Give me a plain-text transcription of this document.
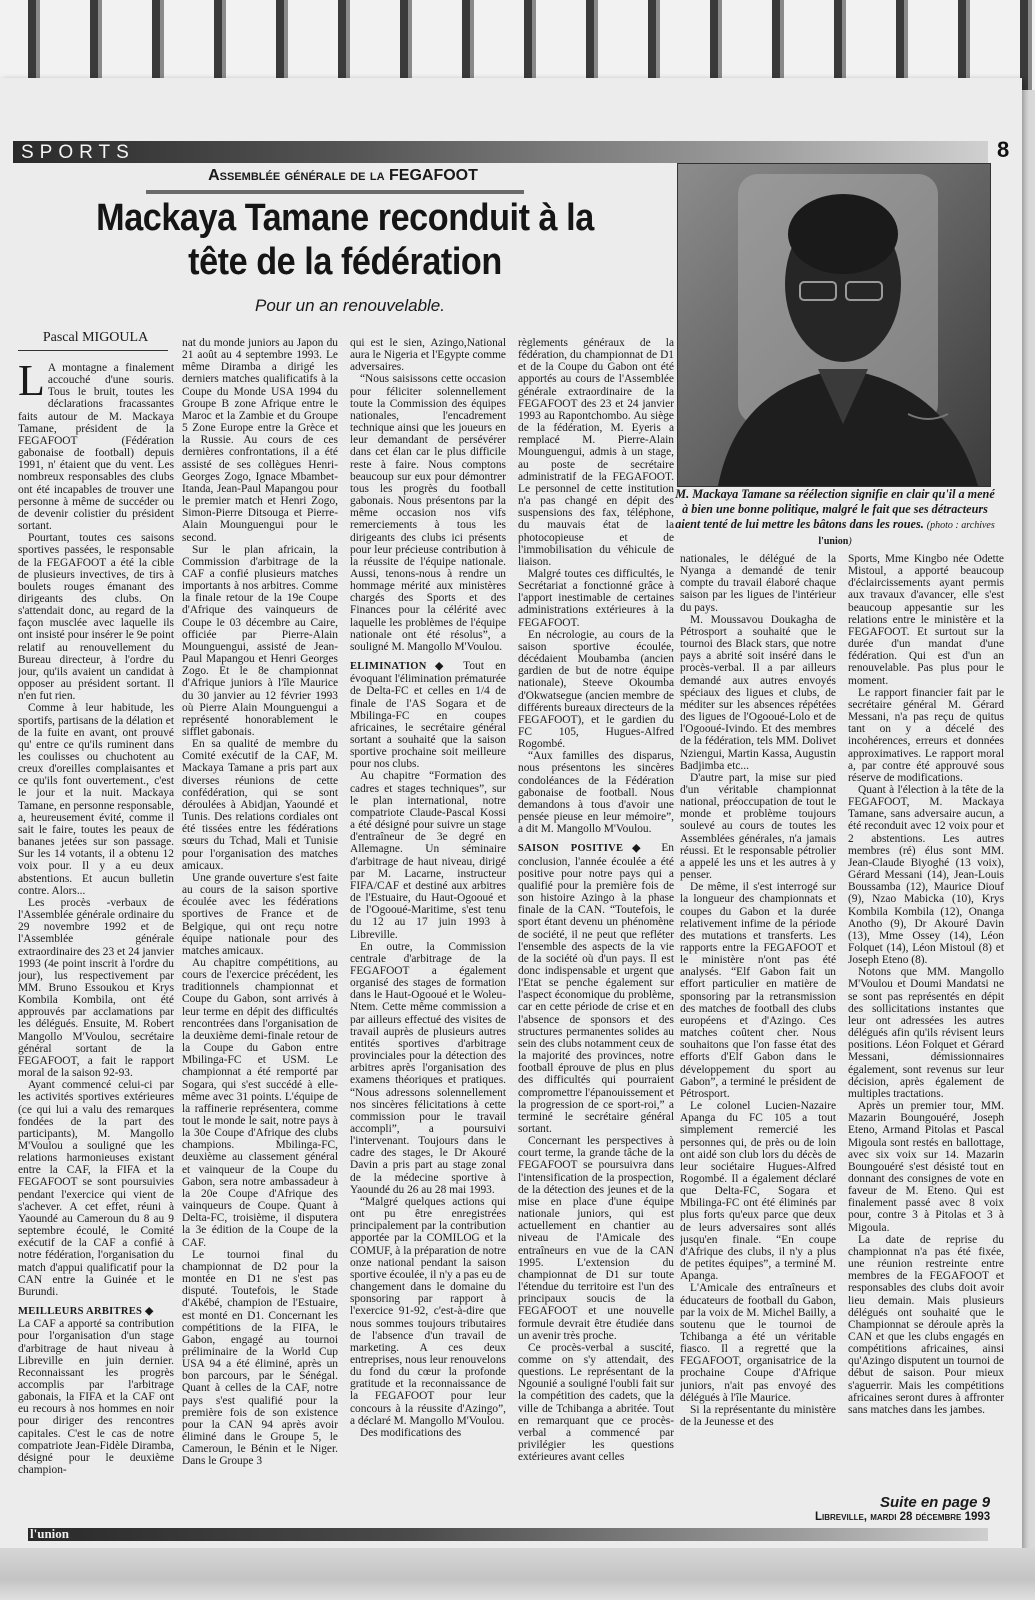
SPORTS	8
Assemblée générale de la FEGAFOOT
Mackaya Tamane reconduit à la tête de la fédération
Pour un an renouvelable.
Pascal MIGOULA

L A montagne a finalement accouché d'une souris. Tous le bruit, toutes les déclarations fracassantes faits autour de M. Mackaya Tamane, président de la FEGAFOOT (Fédération gabonaise de football) depuis 1991, n' étaient que du vent. Les nombreux responsables des clubs ont été incapables de trouver une personne à même de succéder ou de devenir colistier du président sortant.

Pourtant, toutes ces saisons sportives passées, le responsable de la FEGAFOOT a été la cible de plusieurs invectives, de tirs à boulets rouges émanant des dirigeants des clubs. On s'attendait donc, au regard de la façon musclée avec laquelle ils ont insisté pour insérer le 9e point relatif au renouvellement du Bureau directeur, à l'ordre du jour, qu'ils avaient un candidat à opposer au président sortant. Il n'en fut rien.

Comme à leur habitude, les sportifs, partisans de la délation et de la fuite en avant, ont prouvé qu' entre ce qu'ils ruminent dans les coulisses ou chuchotent au creux d'oreilles complaisantes et ce qu'ils font ouvertement., c'est le jour et la nuit. Mackaya Tamane, en personne responsable, a, heureusement évité, comme il sait le faire, toutes les peaux de bananes jetées sur son passage. Sur les 14 votants, il a obtenu 12 voix pour. Il y a eu deux abstentions. Et aucun bulletin contre. Alors...

Les procès -verbaux de l'Assemblée générale ordinaire du 29 novembre 1992 et de l'Assemblée générale extraordinaire des 23 et 24 janvier 1993 (4e point inscrit à l'ordre du jour), lus respectivement par MM. Bruno Essoukou et Krys Kombila Kombila, ont été approuvés par acclamations par les délégués. Ensuite, M. Robert Mangollo M'Voulou, secrétaire général sortant de la FEGAFOOT, a fait le rapport moral de la saison 92-93.

Ayant commencé celui-ci par les activités sportives extérieures (ce qui lui a valu des remarques fondées de la part des participants), M. Mangollo M'Voulou a souligné que les relations harmonieuses existant entre la CAF, la FIFA et la FEGAFOOT se sont poursuivies pendant l'exercice qui vient de s'achever. A cet effet, réuni à Yaoundé au Cameroun du 8 au 9 septembre écoulé, le Comité exécutif de la CAF a confié à notre fédération, l'organisation du match d'appui qualificatif pour la CAN entre la Guinée et le Burundi.

MEILLEURS ARBITRES ◆

La CAF a apporté sa contribution pour l'organisation d'un stage d'arbitrage de haut niveau à Libreville en juin dernier. Reconnaissant les progrès accomplis par l'arbitrage gabonais, la FIFA et la CAF ont eu recours à nos hommes en noir pour diriger des rencontres capitales. C'est le cas de notre compatriote Jean-Fidèle Diramba, désigné pour le deuxième champion-

nat du monde juniors au Japon du 21 août au 4 septembre 1993. Le même Diramba a dirigé les derniers matches qualificatifs à la Coupe du Monde USA 1994 du Groupe B zone Afrique entre le Maroc et la Zambie et du Groupe 5 Zone Europe entre la Grèce et la Russie. Au cours de ces dernières confrontations, il a été assisté de ses collègues Henri-Georges Zogo, Ignace Mbambet-Itanda, Jean-Paul Mapangou pour le premier match et Henri Zogo, Simon-Pierre Ditsouga et Pierre-Alain Mounguengui pour le second.

Sur le plan africain, la Commission d'arbitrage de la CAF a confié plusieurs matches importants à nos arbitres. Comme la finale retour de la 19e Coupe d'Afrique des vainqueurs de Coupe le 03 décembre au Caire, officiée par Pierre-Alain Mounguengui, assisté de Jean-Paul Mapangou et Henri Georges Zogo. Et le 8e championnat d'Afrique juniors à l'île Maurice du 30 janvier au 12 février 1993 où Pierre Alain Mounguengui a représenté honorablement le sifflet gabonais.

En sa qualité de membre du Comité exécutif de la CAF, M. Mackaya Tamane a pris part aux diverses réunions de cette confédération, qui se sont déroulées à Abidjan, Yaoundé et Tunis. Des relations cordiales ont été tissées entre les fédérations sœurs du Tchad, Mali et Tunisie pour l'organisation des matches amicaux.

Une grande ouverture s'est faite au cours de la saison sportive écoulée avec les fédérations sportives de France et de Belgique, qui ont reçu notre équipe nationale pour des matches amicaux.

Au chapitre compétitions, au cours de l'exercice précédent, les traditionnels championnat et Coupe du Gabon, sont arrivés à leur terme en dépit des difficultés rencontrées dans l'organisation de la deuxième demi-finale retour de la Coupe du Gabon entre Mbilinga-FC et USM. Le championnat a été remporté par Sogara, qui s'est succédé à elle-même avec 31 points. L'équipe de la raffinerie représentera, comme tout le monde le sait, notre pays à la 30e Coupe d'Afrique des clubs champions. Mbilinga-FC, deuxième au classement général et vainqueur de la Coupe du Gabon, sera notre ambassadeur à la 20e Coupe d'Afrique des vainqueurs de Coupe. Quant à Delta-FC, troisième, il disputera la 3e édition de la Coupe de la CAF.

Le tournoi final du championnat de D2 pour la montée en D1 ne s'est pas disputé. Toutefois, le Stade d'Akébé, champion de l'Estuaire, est monté en D1. Concernant les compétitions de la FIFA, le Gabon, engagé au tournoi préliminaire de la World Cup USA 94 a été éliminé, après un bon parcours, par le Sénégal. Quant à celles de la CAF, notre pays s'est qualifié pour la première fois de son existence pour la CAN 94 après avoir éliminé dans le Groupe 5, le Cameroun, le Bénin et le Niger. Dans le Groupe 3

qui est le sien, Azingo,National aura le Nigeria et l'Egypte comme adversaires.

“Nous saisissons cette occasion pour féliciter solennellement toute la Commission des équipes nationales, l'encadrement technique ainsi que les joueurs en leur demandant de persévérer dans cet élan car le plus difficile reste à faire. Nous comptons beaucoup sur eux pour démontrer tous les progrès du football gabonais. Nous présentons par la même occasion nos vifs remerciements à tous les dirigeants des clubs ici présents pour leur précieuse contribution à la réussite de l'équipe nationale. Aussi, tenons-nous à rendre un hommage mérité aux ministères chargés des Sports et des Finances pour la célérité avec laquelle les problèmes de l'équipe nationale ont été résolus”, a souligné M. Mangollo M'Voulou.

ELIMINATION◆ Tout en évoquant l'élimination prématurée de Delta-FC et celles en 1/4 de finale de l'AS Sogara et de Mbilinga-FC en coupes africaines, le secrétaire général sortant a souhaité que la saison sportive prochaine soit meilleure pour nos clubs.

Au chapitre “Formation des cadres et stages techniques”, sur le plan international, notre compatriote Claude-Pascal Kossi a été désigné pour suivre un stage d'entraîneur de 3e degré en Allemagne. Un séminaire d'arbitrage de haut niveau, dirigé par M. Lacarne, instructeur FIFA/CAF et destiné aux arbitres de l'Estuaire, du Haut-Ogooué et de l'Ogooué-Maritime, s'est tenu du 12 au 17 juin 1993 à Libreville.

En outre, la Commission centrale d'arbitrage de la FEGAFOOT a également organisé des stages de formation dans le Haut-Ogooué et le Woleu-Ntem. Cette même commission a par ailleurs effectué des visites de travail auprès de plusieurs autres entités sportives d'arbitrage provinciales pour la détection des arbitres après l'organisation des examens théoriques et pratiques. “Nous adressons solennellement nos sincères félicitations à cette commission pour le travail accompli”, a poursuivi l'intervenant. Toujours dans le cadre des stages, le Dr Akouré Davin a pris part au stage zonal de la médecine sportive à Yaoundé du 26 au 28 mai 1993.

“Malgré quelques actions qui ont pu être enregistrées principalement par la contribution apportée par la COMILOG et la COMUF, à la préparation de notre onze national pendant la saison sportive écoulée, il n'y a pas eu de changement dans le domaine du sponsoring par rapport à l'exercice 91-92, c'est-à-dire que nous sommes toujours tributaires de l'absence d'un travail de marketing. A ces deux entreprises, nous leur renouvelons du fond du cœur la profonde gratitude et la reconnaissance de la FEGAFOOT pour leur concours à la réussite d'Azingo”, a déclaré M. Mangollo M'Voulou.

Des modifications des

règlements généraux de la fédération, du championnat de D1 et de la Coupe du Gabon ont été apportés au cours de l'Assemblée générale extraordinaire de la FEGAFOOT des 23 et 24 janvier 1993 au Rapontchombo. Au siège de la fédération, M. Eyeris a remplacé M. Pierre-Alain Mounguengui, admis à un stage, au poste de secrétaire administratif de la FEGAFOOT. Le personnel de cette institution n'a pas changé en dépit des suspensions des fax, téléphone, du mauvais état de la photocopieuse et de l'immobilisation du véhicule de liaison.

Malgré toutes ces difficultés, le Secrétariat a fonctionné grâce à l'apport inestimable de certaines administrations extérieures à la FEGAFOOT.

En nécrologie, au cours de la saison sportive écoulée, décédaient Moubamba (ancien gardien de but de notre équipe nationale), Steeve Okoumba d'Okwatsegue (ancien membre de différents bureaux directeurs de la FEGAFOOT), et le gardien du FC 105, Hugues-Alfred Rogombé.

“Aux familles des disparus, nous présentons les sincères condoléances de la Fédération gabonaise de football. Nous demandons à tous d'avoir une pensée pieuse en leur mémoire”, a dit M. Mangollo M'Voulou.

SAISON POSITIVE◆ En conclusion, l'année écoulée a été positive pour notre pays qui a qualifié pour la première fois de son histoire Azingo à la phase finale de la CAN. “Toutefois, le sport étant devenu un phénomène de société, il ne peut que refléter l'ensemble des aspects de la vie de la société où d'un pays. Il est donc indispensable et urgent que l'Etat se penche également sur l'aspect économique du problème, car en cette période de crise et en l'absence de sponsors et des structures permanentes solides au sein des clubs notamment ceux de la majorité des provinces, notre football éprouve de plus en plus des difficultés qui pourraient compromettre l'épanouissement et la progression de ce sport-roi,” a terminé le secrétaire général sortant.

Concernant les perspectives à court terme, la grande tâche de la FEGAFOOT se poursuivra dans l'intensification de la prospection, de la détection des jeunes et de la mise en place d'une équipe nationale juniors, qui est actuellement en chantier au niveau de l'Amicale des entraîneurs en vue de la CAN 1995. L'extension du championnat de D1 sur toute l'étendue du territoire est l'un des principaux soucis de la FEGAFOOT et une nouvelle formule devrait être étudiée dans un avenir très proche.

Ce procès-verbal a suscité, comme on s'y attendait, des questions. Le représentant de la Ngounié a souligné l'oubli fait sur la compétition des cadets, que la ville de Tchibanga a abritée. Tout en remarquant que ce procès-verbal a commencé par privilégier les questions extérieures avant celles

M. Mackaya Tamane sa réélection signifie en clair qu'il a mené à bien une bonne politique, malgré le fait que ses détracteurs aient tenté de lui mettre les bâtons dans les roues. (photo : archives l'union)

nationales, le délégué de la Nyanga a demandé de tenir compte du travail élaboré chaque saison par les ligues de l'intérieur du pays.

M. Moussavou Doukagha de Pétrosport a souhaité que le tournoi des Black stars, que notre pays a abrité soit inséré dans le procès-verbal. Il a par ailleurs demandé aux autres envoyés spéciaux des ligues et clubs, de méditer sur les absences répétées des ligues de l'Ogooué-Lolo et de l'Ogooué-Ivindo. Et des membres de la fédération, tels MM. Dolivet Nziengui, Martin Kassa, Augustin Badjimba etc...

D'autre part, la mise sur pied d'un véritable championnat national, préoccupation de tout le monde et problème toujours soulevé au cours de toutes les Assemblées générales, n'a jamais réussi. Et le responsable pétrolier a appelé les uns et les autres à y penser.

De même, il s'est interrogé sur la longueur des championnats et coupes du Gabon et la durée relativement infime de la période des mutations et transferts. Les rapports entre la FEGAFOOT et le ministère n'ont pas été analysés. “Elf Gabon fait un effort particulier en matière de sponsoring par la retransmission des matches de football des clubs européens et d'Azingo. Ces matches coûtent cher. Nous souhaitons que l'on fasse état des efforts d'Elf Gabon dans le développement du sport au Gabon”, a terminé le président de Pétrosport.

Le colonel Lucien-Nazaire Apanga du FC 105 a tout simplement remercié les personnes qui, de près ou de loin ont aidé son club lors du décès de leur sociétaire Hugues-Alfred Rogombé. Il a également déclaré que Delta-FC, Sogara et Mbilinga-FC ont été éliminés par plus forts qu'eux parce que deux de leurs adversaires sont allés jusqu'en finale. “En coupe d'Afrique des clubs, il n'y a plus de petites équipes”, a terminé M. Apanga.

L'Amicale des entraîneurs et éducateurs de football du Gabon, par la voix de M. Michel Bailly, a soutenu que le tournoi de Tchibanga a été un véritable fiasco. Il a regretté que la FEGAFOOT, organisatrice de la prochaine Coupe d'Afrique juniors, n'ait pas envoyé des délégués à l'île Maurice.

Si la représentante du ministère de la Jeunesse et des

Sports, Mme Kingbo née Odette Mistoul, a apporté beaucoup d'éclaircissements ayant permis aux travaux d'avancer, elle s'est beaucoup appesantie sur les relations entre le ministère et la FEGAFOOT. Et surtout sur la durée d'un mandat d'une fédération. Qui est d'un an renouvelable. Pas plus pour le moment.

Le rapport financier fait par le secrétaire général M. Gérard Messani, n'a pas reçu de quitus tant on y a décelé des incohérences, erreurs et données approximatives. Le rapport moral a, par contre été approuvé sous réserve de modifications.

Quant à l'élection à la tête de la FEGAFOOT, M. Mackaya Tamane, sans adversaire aucun, a été reconduit avec 12 voix pour et 2 abstentions. Les autres membres (ré) élus sont MM. Jean-Claude Biyoghé (13 voix), Gérard Messani (14), Jean-Louis Boussamba (12), Maurice Diouf (9), Nzao Mabicka (10), Krys Kombila Kombila (12), Onanga Anotho (9), Dr Akouré Davin (13), Mme Ossey (14), Léon Folquet (14), Léon Mistoul (8) et Joseph Eteno (8).

Notons que MM. Mangollo M'Voulou et Doumi Mandatsi ne se sont pas représentés en dépit des sollicitations instantes que leur ont adressées les autres délégués afin qu'ils révisent leurs positions. Léon Folquet et Gérard Messani, démissionnaires également, sont revenus sur leur décision, après également de multiples tractations.

Après un premier tour, MM. Mazarin Boungouéré, Joseph Eteno, Armand Pitolas et Pascal Migoula sont restés en ballottage, avec six voix sur 14. Mazarin Boungouéré s'est désisté tout en donnant des consignes de vote en faveur de M. Eteno. Qui est finalement passé avec 8 voix pour, contre 3 à Pitolas et 3 à Migoula.

La date de reprise du championnat n'a pas été fixée, une réunion restreinte entre membres de la FEGAFOOT et responsables des clubs doit avoir lieu demain. Mais plusieurs délégués ont souhaité que le Championnat se déroule après la CAN et que les clubs engagés en compétitions africaines, ainsi qu'Azingo disputent un tournoi de début de saison. Pour mieux s'aguerrir. Mais les compétitions africaines seront dures à affronter sans matches dans les jambes.

Suite en page 9
l'union
Libreville, mardi 28 décembre 1993
